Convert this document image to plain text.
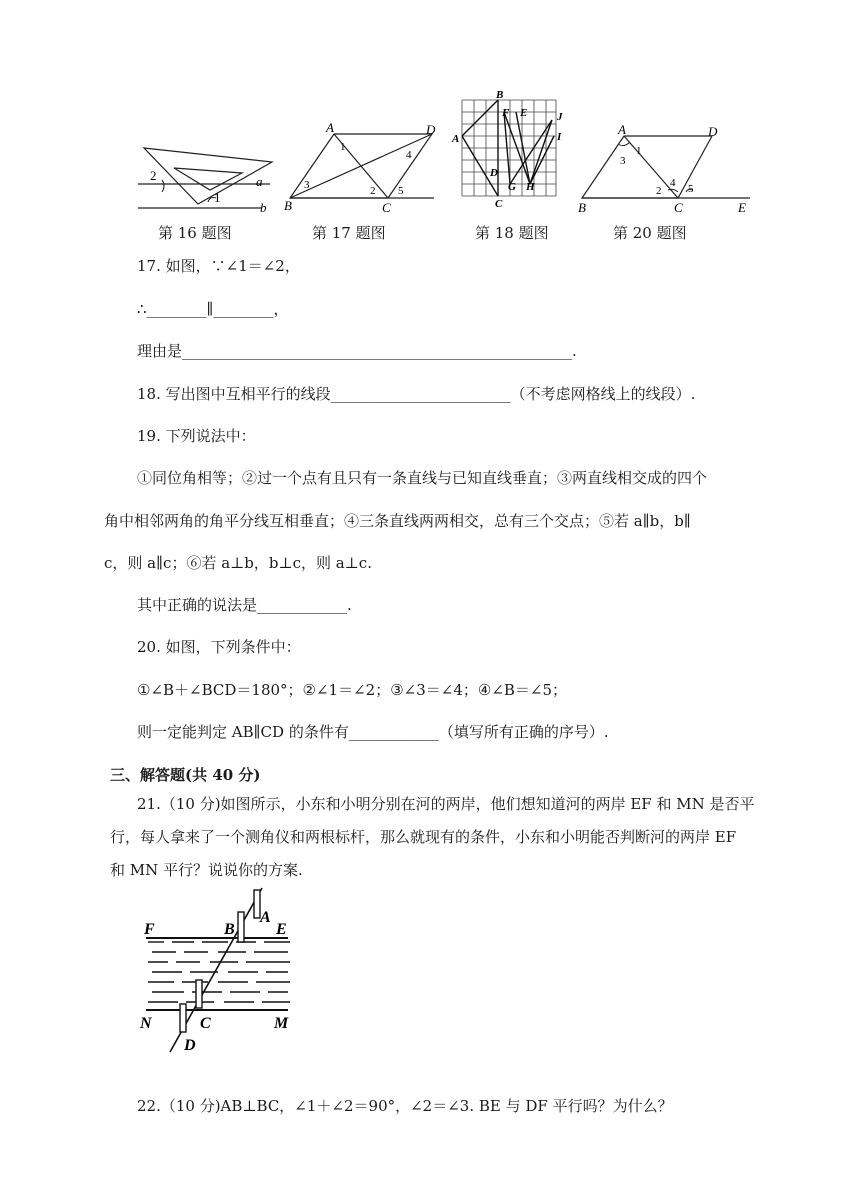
2
1
a
b
第 16 题图
A	D
B	C
1
2
3
4
5
第 17 题图
B
F E	J
I
A
D
G H
C
第 18 题图
A	D
B	C	E
1
3
2
4 5
第 20 题图
17. 如图，∵∠1＝∠2，
∴________∥________，
理由是____________________________________________________.
18. 写出图中互相平行的线段________________________（不考虑网格线上的线段）.
19. 下列说法中：
①同位角相等；②过一个点有且只有一条直线与已知直线垂直；③两直线相交成的四个
角中相邻两角的角平分线互相垂直；④三条直线两两相交，总有三个交点；⑤若 a∥b，b∥
c，则 a∥c；⑥若 a⊥b，b⊥c，则 a⊥c.
其中正确的说法是____________.
20. 如图，下列条件中：
①∠B＋∠BCD＝180°；②∠1＝∠2；③∠3＝∠4；④∠B＝∠5；
则一定能判定 AB∥CD 的条件有____________（填写所有正确的序号）.
三、解答题(共 40 分)
21.（10 分)如图所示，小东和小明分别在河的两岸，他们想知道河的两岸 EF 和 MN 是否平行，每人拿来了一个测角仪和两根标杆，那么就现有的条件，小东和小明能否判断河的两岸 EF 和 MN 平行？说说你的方案.
F	B
A
E
N	C	M
D
22.（10 分)AB⊥BC，∠1＋∠2＝90°，∠2＝∠3. BE 与 DF 平行吗？为什么？
